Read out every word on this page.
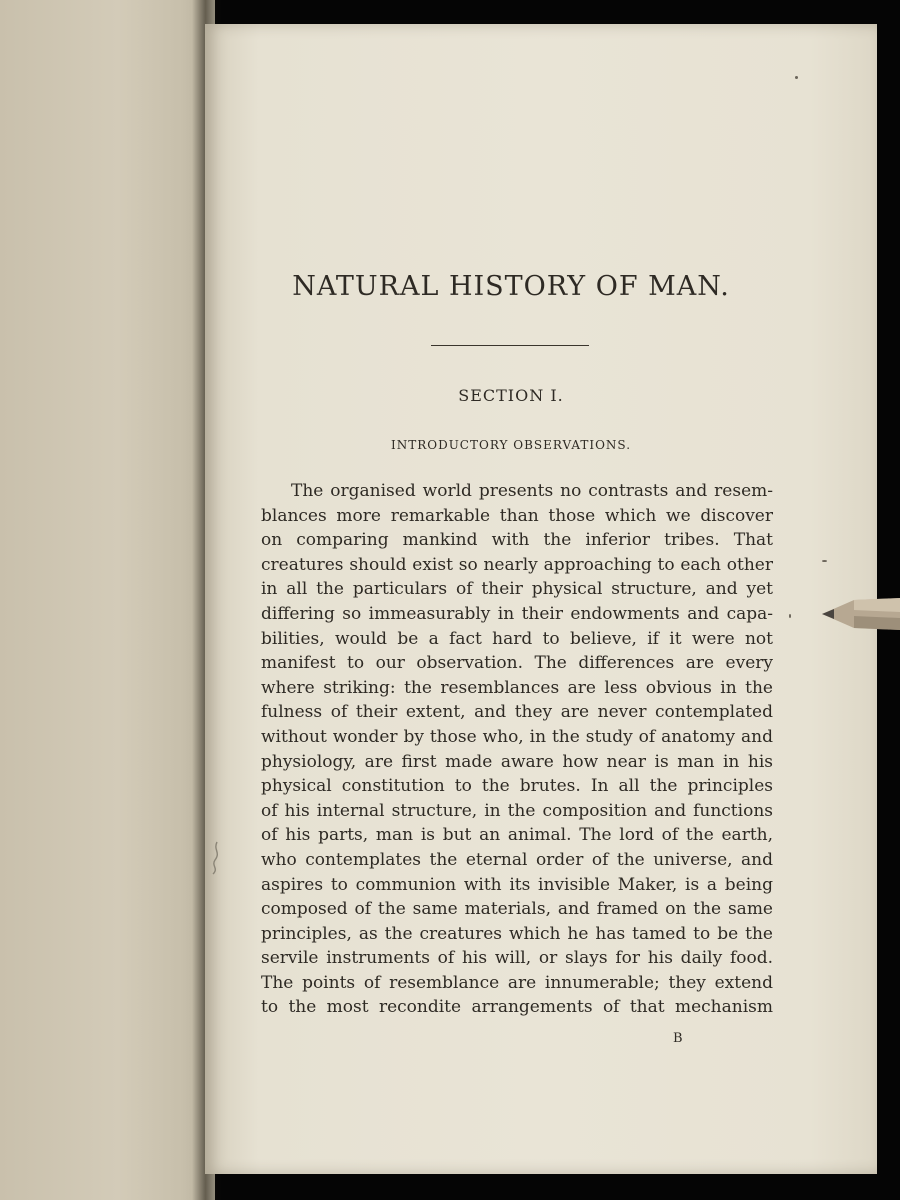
NATURAL HISTORY OF MAN.
SECTION I.
INTRODUCTORY OBSERVATIONS.
The organised world presents no contrasts and resem-
blances more remarkable than those which we discover
on comparing mankind with the inferior tribes. That
creatures should exist so nearly approaching to each other
in all the particulars of their physical structure, and yet
differing so immeasurably in their endowments and capa-
bilities, would be a fact hard to believe, if it were not
manifest to our observation. The differences are every
where striking: the resemblances are less obvious in the
fulness of their extent, and they are never contemplated
without wonder by those who, in the study of anatomy and
physiology, are first made aware how near is man in his
physical constitution to the brutes. In all the principles
of his internal structure, in the composition and functions
of his parts, man is but an animal. The lord of the earth,
who contemplates the eternal order of the universe, and
aspires to communion with its invisible Maker, is a being
composed of the same materials, and framed on the same
principles, as the creatures which he has tamed to be the
servile instruments of his will, or slays for his daily food.
The points of resemblance are innumerable; they extend
to the most recondite arrangements of that mechanism
B
